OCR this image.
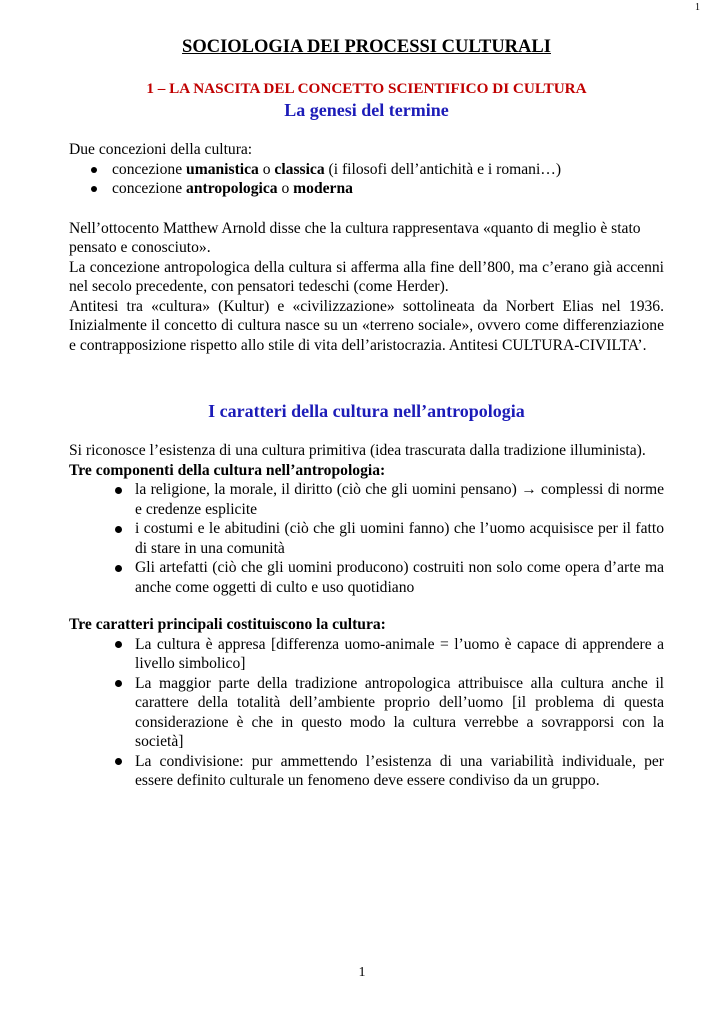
1
SOCIOLOGIA DEI PROCESSI CULTURALI
1 – LA NASCITA DEL CONCETTO SCIENTIFICO DI CULTURA
La genesi del termine

Due concezioni della cultura:

concezione umanistica o classica (i filosofi dell’antichità e i romani…)
concezione antropologica o moderna

Nell’ottocento Matthew Arnold disse che la cultura rappresentava «quanto di meglio è stato pensato e conosciuto».

La concezione antropologica della cultura si afferma alla fine dell’800, ma c’erano già accenni nel secolo precedente, con pensatori tedeschi (come Herder).

Antitesi tra «cultura» (Kultur) e «civilizzazione» sottolineata da Norbert Elias nel 1936. Inizialmente il concetto di cultura nasce su un «terreno sociale», ovvero come differenziazione e contrapposizione rispetto allo stile di vita dell’aristocrazia. Antitesi CULTURA-CIVILTA’.

I caratteri della cultura nell’antropologia

Si riconosce l’esistenza di una cultura primitiva (idea trascurata dalla tradizione illuminista).

Tre componenti della cultura nell’antropologia:

la religione, la morale, il diritto (ciò che gli uomini pensano) → complessi di norme e credenze esplicite
i costumi e le abitudini (ciò che gli uomini fanno) che l’uomo acquisisce per il fatto di stare in una comunità
Gli artefatti (ciò che gli uomini producono) costruiti non solo come opera d’arte ma anche come oggetti di culto e uso quotidiano

Tre caratteri principali costituiscono la cultura:

La cultura è appresa [differenza uomo-animale = l’uomo è capace di apprendere a livello simbolico]
La maggior parte della tradizione antropologica attribuisce alla cultura anche il carattere della totalità dell’ambiente proprio dell’uomo [il problema di questa considerazione è che in questo modo la cultura verrebbe a sovrapporsi con la società]
La condivisione: pur ammettendo l’esistenza di una variabilità individuale, per essere definito culturale un fenomeno deve essere condiviso da un gruppo.
1
